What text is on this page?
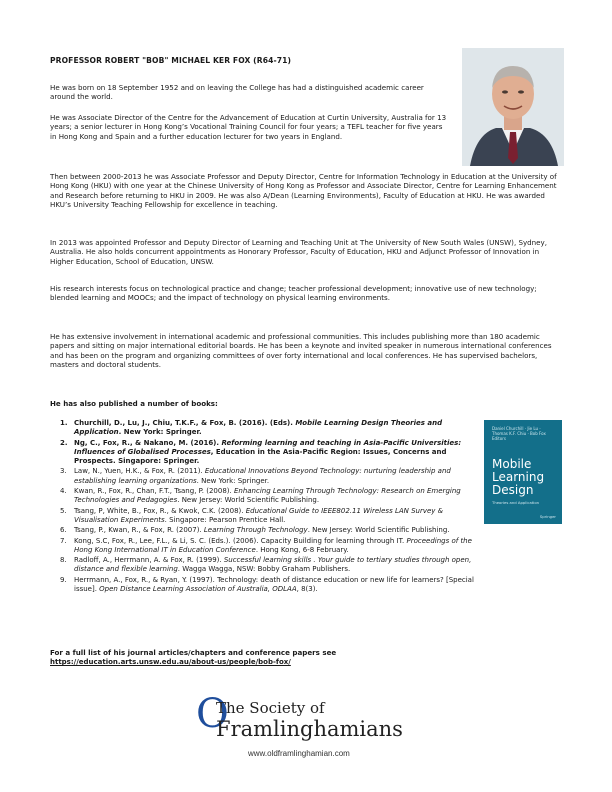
PROFESSOR ROBERT "BOB" MICHAEL KER FOX (R64-71)

He was born on 18 September 1952 and on leaving the College has had a distinguished academic career around the world.

He was Associate Director of the Centre for the Advancement of Education at Curtin University, Australia for 13 years; a senior lecturer in Hong Kong’s Vocational Training Council for four years; a TEFL teacher for five years in Hong Kong and Spain and a further education lecturer for two years in England.

Then between 2000-2013 he was Associate Professor and Deputy Director, Centre for Information Technology in Education at the University of Hong Kong (HKU) with one year at the Chinese University of Hong Kong as Professor and Associate Director, Centre for Learning Enhancement and Research before returning to HKU in 2009. He was also A/Dean (Learning Environments), Faculty of Education at HKU. He was awarded HKU’s University Teaching Fellowship for excellence in teaching.

In 2013 was appointed Professor and Deputy Director of Learning and Teaching Unit at The University of New South Wales (UNSW), Sydney, Australia. He also holds concurrent appointments as Honorary Professor, Faculty of Education, HKU and Adjunct Professor of Innovation in Higher Education, School of Education, UNSW.

His research interests focus on technological practice and change; teacher professional development; innovative use of new technology; blended learning and MOOCs; and the impact of technology on physical learning environments.

He has extensive involvement in international academic and professional communities. This includes publishing more than 180 academic papers and sitting on major international editorial boards. He has been a keynote and invited speaker in numerous international conferences and has been on the program and organizing committees of over forty international and local conferences. He has supervised bachelors, masters and doctoral students.

He has also published a number of books:

1. Churchill, D., Lu, J., Chiu, T.K.F., & Fox, B. (2016). (Eds). Mobile Learning Design Theories and Application. New York: Springer.
2. Ng, C., Fox, R., & Nakano, M. (2016). Reforming learning and teaching in Asia-Pacific Universities: Influences of Globalised Processes, Education in the Asia-Pacific Region: Issues, Concerns and Prospects. Singapore: Springer.
3. Law, N., Yuen, H.K., & Fox, R. (2011). Educational Innovations Beyond Technology: nurturing leadership and establishing learning organizations. New York: Springer.
4. Kwan, R., Fox, R., Chan, F.T., Tsang, P. (2008). Enhancing Learning Through Technology: Research on Emerging Technologies and Pedagogies. New Jersey: World Scientific Publishing.
5. Tsang, P, White, B., Fox, R., & Kwok, C.K. (2008). Educational Guide to IEEE802.11 Wireless LAN Survey & Visualisation Experiments. Singapore: Pearson Prentice Hall.
6. Tsang, P., Kwan, R., & Fox, R. (2007). Learning Through Technology. New Jersey: World Scientific Publishing.
7. Kong, S.C, Fox, R., Lee, F.L., & Li, S. C. (Eds.). (2006). Capacity Building for learning through IT. Proceedings of the Hong Kong International IT in Education Conference. Hong Kong, 6-8 February.
8. Radloff, A., Herrmann, A. & Fox, R. (1999). Successful learning skills . Your guide to tertiary studies through open, distance and flexible learning. Wagga Wagga, NSW: Bobby Graham Publishers.
9. Herrmann, A., Fox, R., & Ryan, Y. (1997). Technology: death of distance education or new life for learners? [Special issue]. Open Distance Learning Association of Australia, ODLAA, 8(3).
Daniel Churchill · Jie Lu · Thomas K.F. Chiu · Bob Fox Editors
Mobile Learning Design
Theories and Application
Springer

For a full list of his journal articles/chapters and conference papers see

https://education.arts.unsw.edu.au/about-us/people/bob-fox/
O
The Society of
Framlinghamians
www.oldframlinghamian.com
